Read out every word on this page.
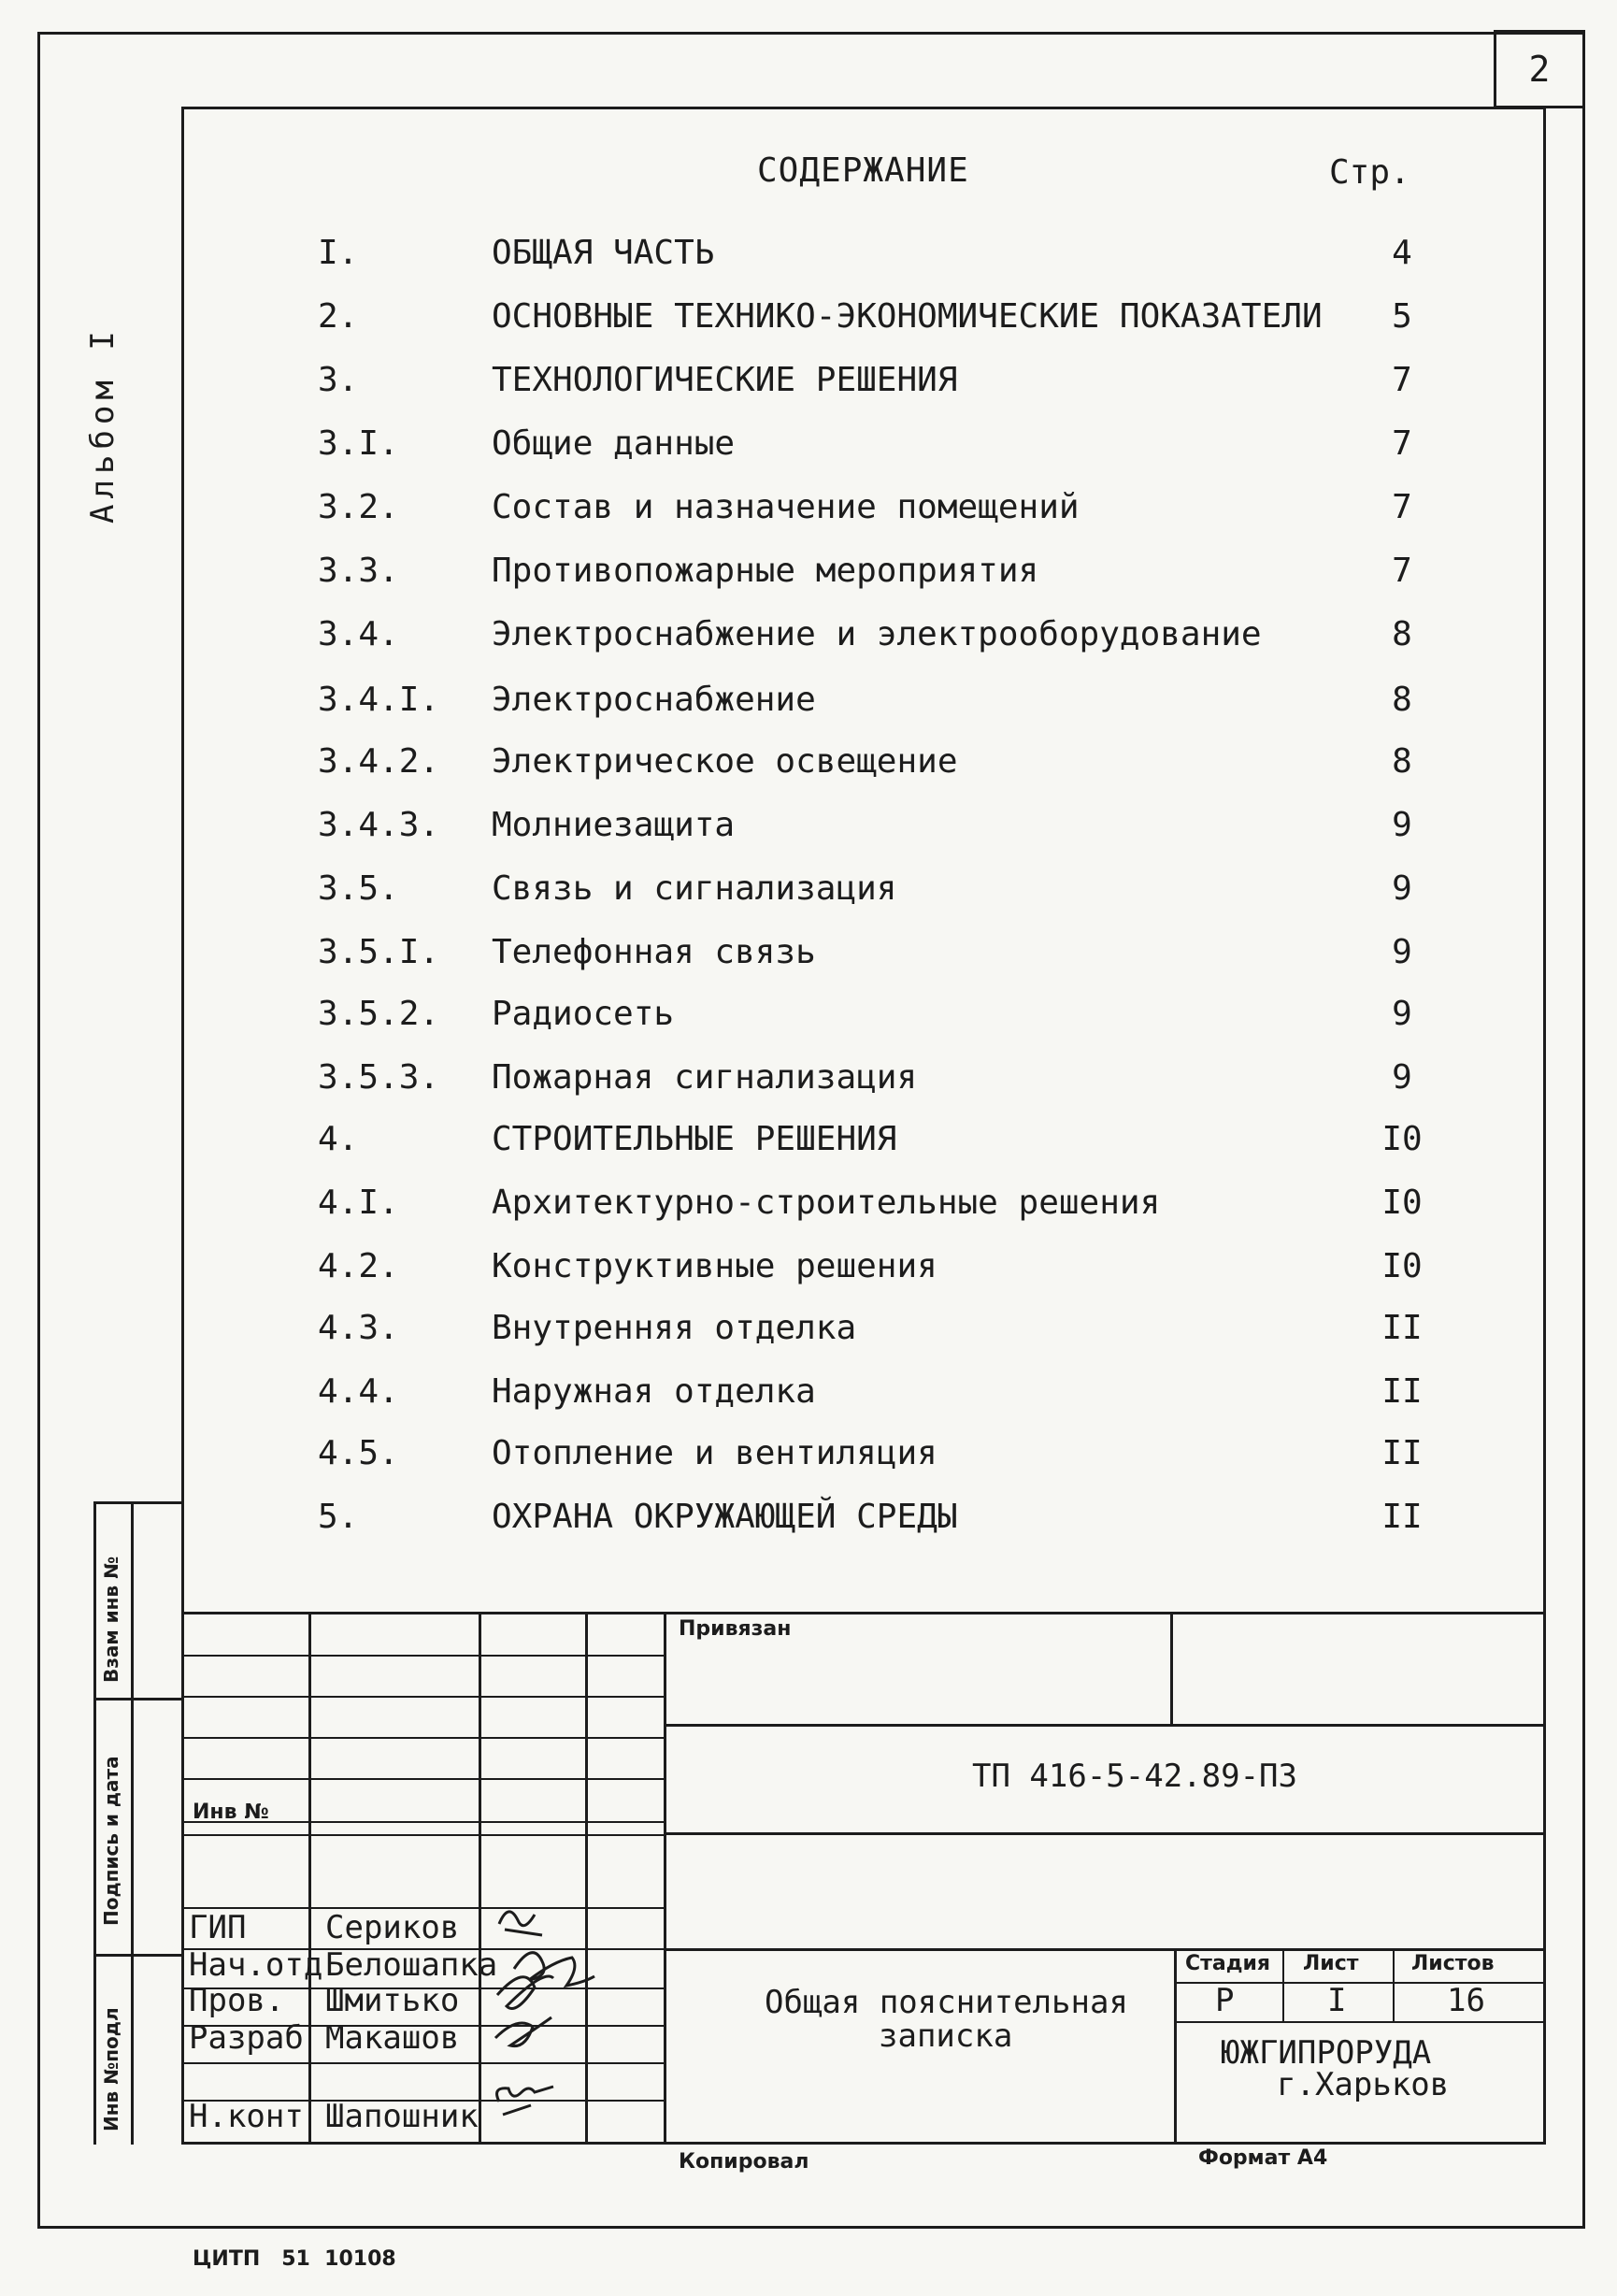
2
Альбом I
СОДЕРЖАНИЕ	Стр.
I.	ОБЩАЯ ЧАСТЬ	4
2.	ОСНОВНЫЕ ТЕХНИКО-ЭКОНОМИЧЕСКИЕ ПОКАЗАТЕЛИ	5
3.	ТЕХНОЛОГИЧЕСКИЕ РЕШЕНИЯ	7
3.I.	Общие данные	7
3.2.	Состав и назначение помещений	7
3.3.	Противопожарные мероприятия	7
3.4.	Электроснабжение и электрооборудование	8
3.4.I. Электроснабжение	8
3.4.2. Электрическое освещение	8
3.4.3. Молниезащита	9
3.5.	Связь и сигнализация	9
3.5.I. Телефонная связь	9
3.5.2. Радиосеть	9
3.5.3. Пожарная сигнализация	9
4.	СТРОИТЕЛЬНЫЕ РЕШЕНИЯ	I0
4.I.	Архитектурно-строительные решения	I0
4.2.	Конструктивные решения	I0
4.3.	Внутренняя отделка	II
4.4.	Наружная отделка	II
4.5.	Отопление и вентиляция	II
5.	ОХРАНА ОКРУЖАЮЩЕЙ СРЕДЫ	II
Взам инв №
Подпись и дата
Инв №подл
Привязан
ТП 416-5-42.89-ПЗ
Инв №
ГИП Сериков
Нач.отд Белошапка
Пров. Шмитько
Разраб Макашов
Н.конт Шапошник
Общая пояснительная
записка
Стадия Лист	Листов
Р	I	16
ЮЖГИПРОРУДА
г.Харьков
Копировал	Формат А4
ЦИТП   51  10108
